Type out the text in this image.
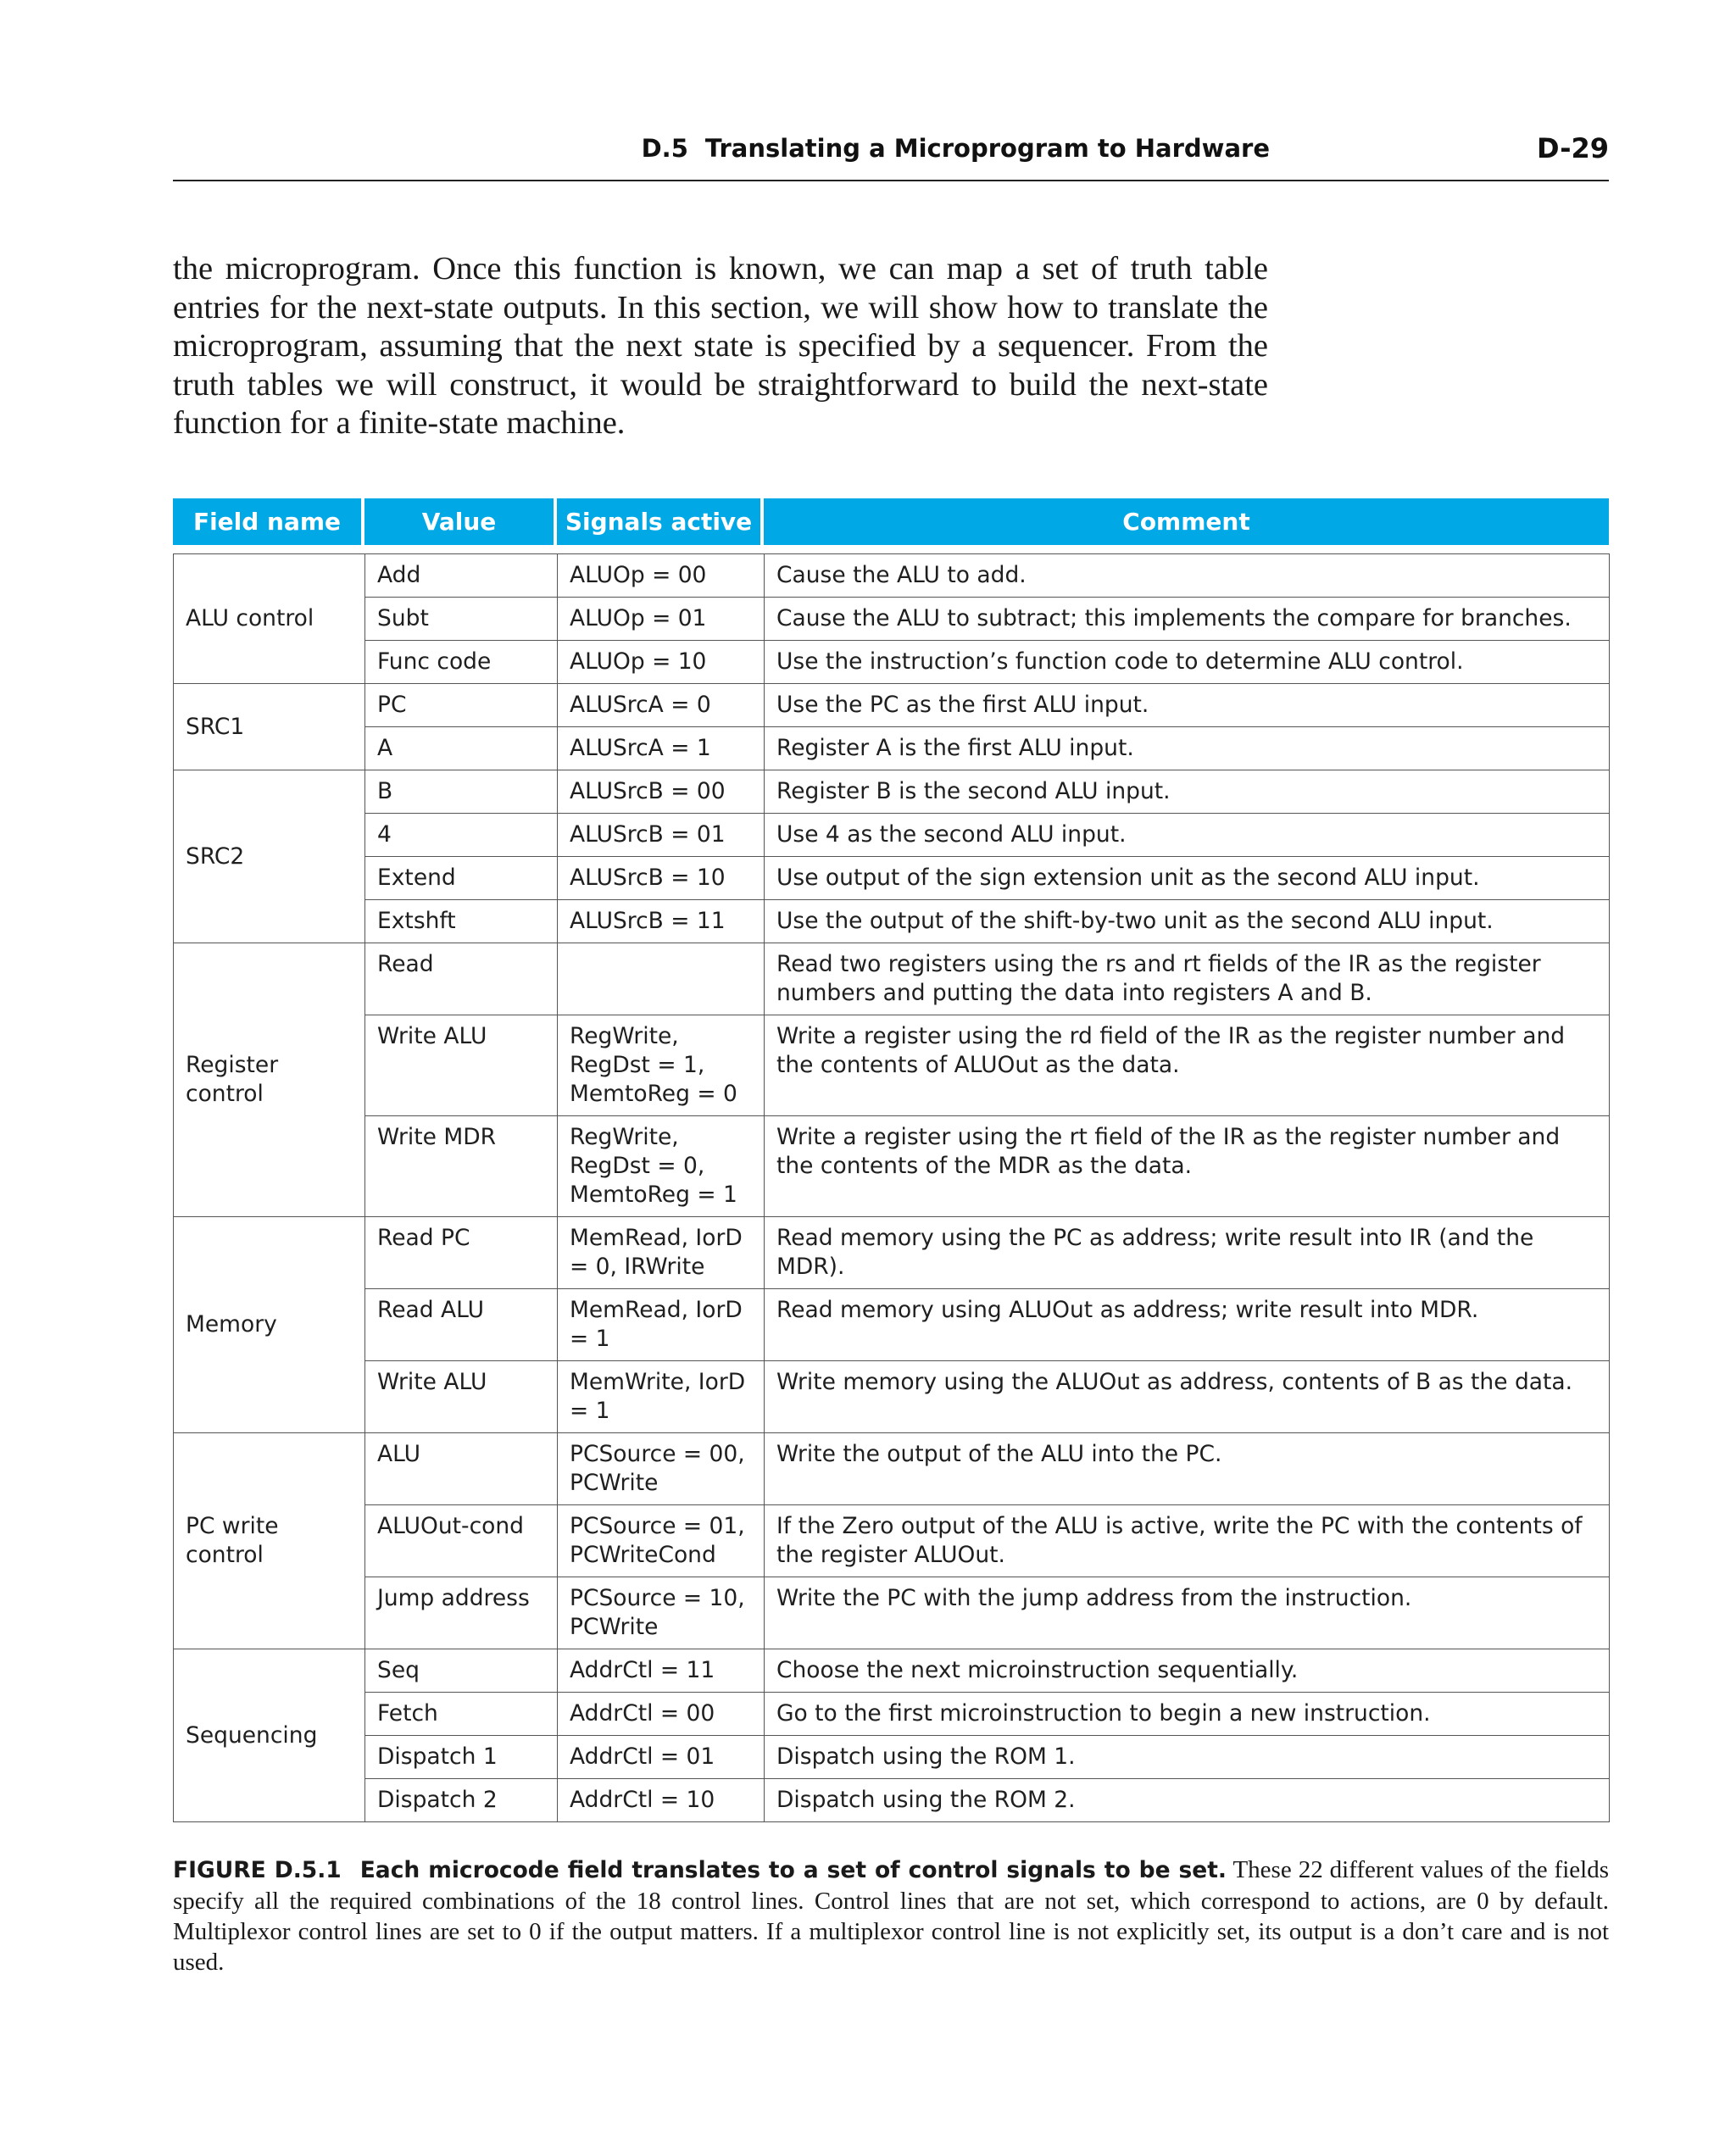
D.5 Translating a Microprogram to Hardware	D-29

the microprogram. Once this function is known, we can map a set of truth table entries for the next-state outputs. In this section, we will show how to translate the microprogram, assuming that the next state is specified by a sequencer. From the truth tables we will construct, it would be straightforward to build the next-state function for a finite-state machine.

Field name	Value	Signals active	Comment
ALU control	Add	ALUOp = 00	Cause the ALU to add.
	Subt	ALUOp = 01	Cause the ALU to subtract; this implements the compare for branches.
	Func code	ALUOp = 10	Use the instruction’s function code to determine ALU control.
SRC1	PC	ALUSrcA = 0	Use the PC as the first ALU input.
	A	ALUSrcA = 1	Register A is the first ALU input.
SRC2	B	ALUSrcB = 00	Register B is the second ALU input.
	4	ALUSrcB = 01	Use 4 as the second ALU input.
	Extend	ALUSrcB = 10	Use output of the sign extension unit as the second ALU input.
	Extshft	ALUSrcB = 11	Use the output of the shift-by-two unit as the second ALU input.
Register control	Read		Read two registers using the rs and rt fields of the IR as the register numbers and putting the data into registers A and B.
	Write ALU	RegWrite, RegDst = 1, MemtoReg = 0	Write a register using the rd field of the IR as the register number and the contents of ALUOut as the data.
	Write MDR	RegWrite, RegDst = 0, MemtoReg = 1	Write a register using the rt field of the IR as the register number and the contents of the MDR as the data.
Memory	Read PC	MemRead, IorD = 0, IRWrite	Read memory using the PC as address; write result into IR (and the MDR).
	Read ALU	MemRead, IorD = 1	Read memory using ALUOut as address; write result into MDR.
	Write ALU	MemWrite, IorD = 1	Write memory using the ALUOut as address, contents of B as the data.
PC write control	ALU	PCSource = 00, PCWrite	Write the output of the ALU into the PC.
	ALUOut-cond	PCSource = 01, PCWriteCond	If the Zero output of the ALU is active, write the PC with the contents of the register ALUOut.
	Jump address	PCSource = 10, PCWrite	Write the PC with the jump address from the instruction.
Sequencing	Seq	AddrCtl = 11	Choose the next microinstruction sequentially.
	Fetch	AddrCtl = 00	Go to the first microinstruction to begin a new instruction.
	Dispatch 1	AddrCtl = 01	Dispatch using the ROM 1.
	Dispatch 2	AddrCtl = 10	Dispatch using the ROM 2.

FIGURE D.5.1 Each microcode field translates to a set of control signals to be set. These 22 different values of the fields specify all the required combinations of the 18 control lines. Control lines that are not set, which correspond to actions, are 0 by default. Multiplexor control lines are set to 0 if the output matters. If a multiplexor control line is not explicitly set, its output is a don’t care and is not used.
